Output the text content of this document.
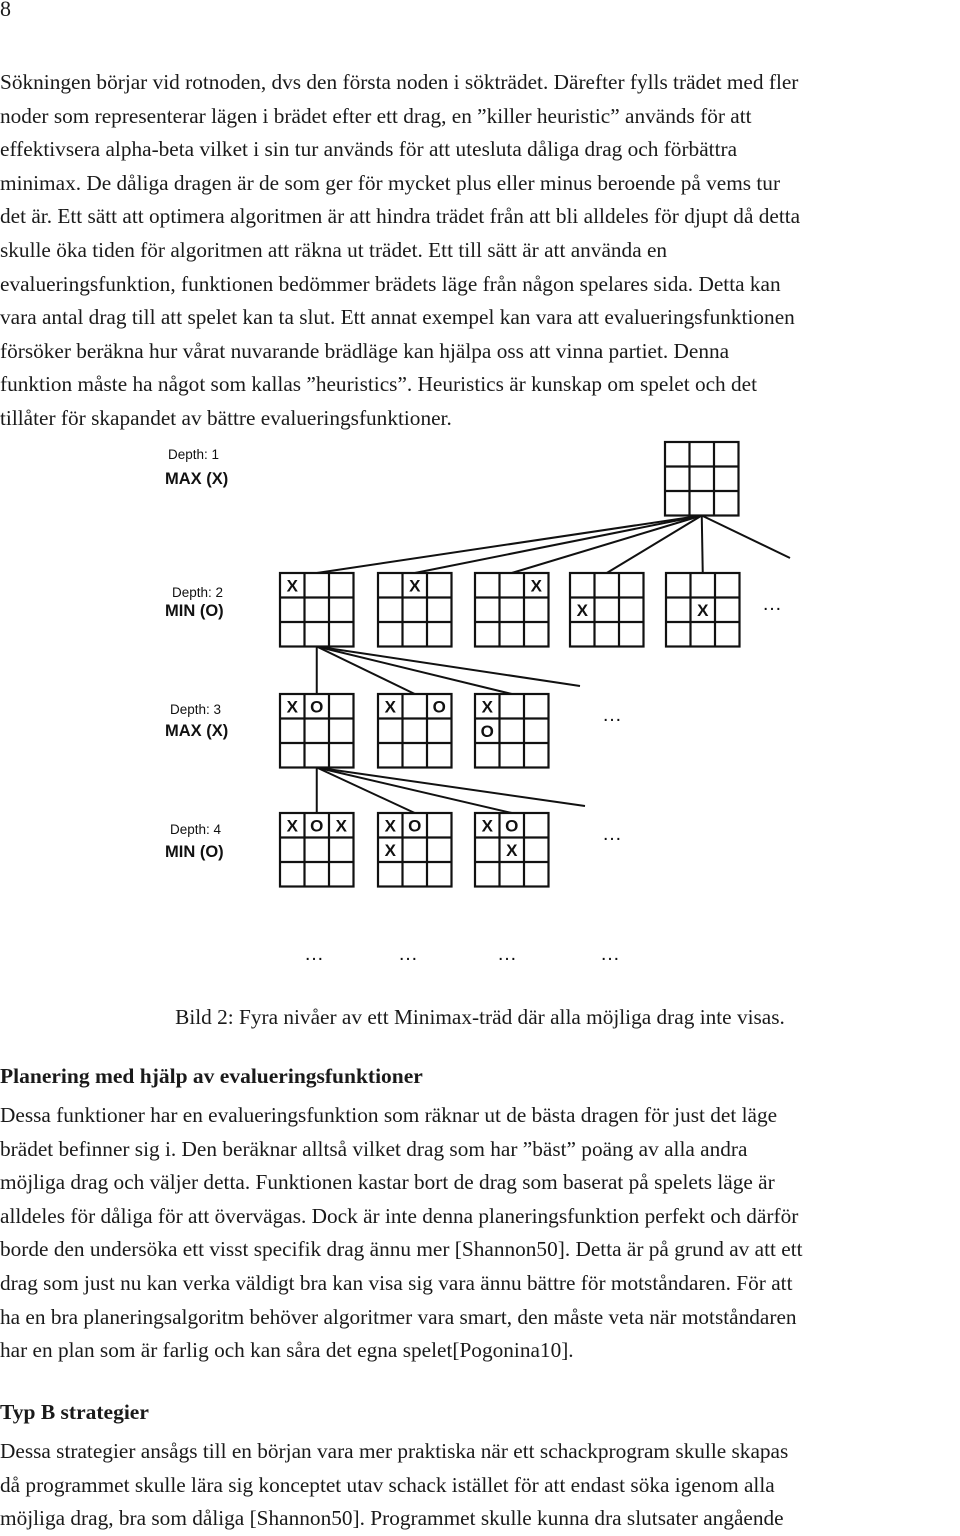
8
Sökningen börjar vid rotnoden, dvs den första noden i sökträdet. Därefter fylls trädet med fler
noder som representerar lägen i brädet efter ett drag, en ”killer heuristic” används för att
effektivsera alpha-beta vilket i sin tur används för att utesluta dåliga drag och förbättra
minimax. De dåliga dragen är de som ger för mycket plus eller minus beroende på vems tur
det är. Ett sätt att optimera algoritmen är att hindra trädet från att bli alldeles för djupt då detta
skulle öka tiden för algoritmen att räkna ut trädet. Ett till sätt är att använda en
evalueringsfunktion, funktionen bedömmer brädets läge från någon spelares sida. Detta kan
vara antal drag till att spelet kan ta slut. Ett annat exempel kan vara att evalueringsfunktionen
försöker beräkna hur vårat nuvarande brädläge kan hjälpa oss att vinna partiet. Denna
funktion måste ha något som kallas ”heuristics”. Heuristics är kunskap om spelet och det
tillåter för skapandet av bättre evalueringsfunktioner.
Depth: 1
MAX (X)
Depth: 2
MIN (O)
Depth: 3
MAX (X)
Depth: 4
MIN (O)
X	X	X
X	X
X O	X O X
O
X O X X O
X
X O
X
…
…
…
…	…	…	…
Bild 2: Fyra nivåer av ett Minimax-träd där alla möjliga drag inte visas.
Planering med hjälp av evalueringsfunktioner
Dessa funktioner har en evalueringsfunktion som räknar ut de bästa dragen för just det läge
brädet befinner sig i. Den beräknar alltså vilket drag som har ”bäst” poäng av alla andra
möjliga drag och väljer detta. Funktionen kastar bort de drag som baserat på spelets läge är
alldeles för dåliga för att övervägas. Dock är inte denna planeringsfunktion perfekt och därför
borde den undersöka ett visst specifik drag ännu mer [Shannon50]. Detta är på grund av att ett
drag som just nu kan verka väldigt bra kan visa sig vara ännu bättre för motståndaren. För att
ha en bra planeringsalgoritm behöver algoritmer vara smart, den måste veta när motståndaren
har en plan som är farlig och kan såra det egna spelet[Pogonina10].
Typ B strategier
Dessa strategier ansågs till en början vara mer praktiska när ett schackprogram skulle skapas
då programmet skulle lära sig konceptet utav schack istället för att endast söka igenom alla
möjliga drag, bra som dåliga [Shannon50]. Programmet skulle kunna dra slutsater angående
